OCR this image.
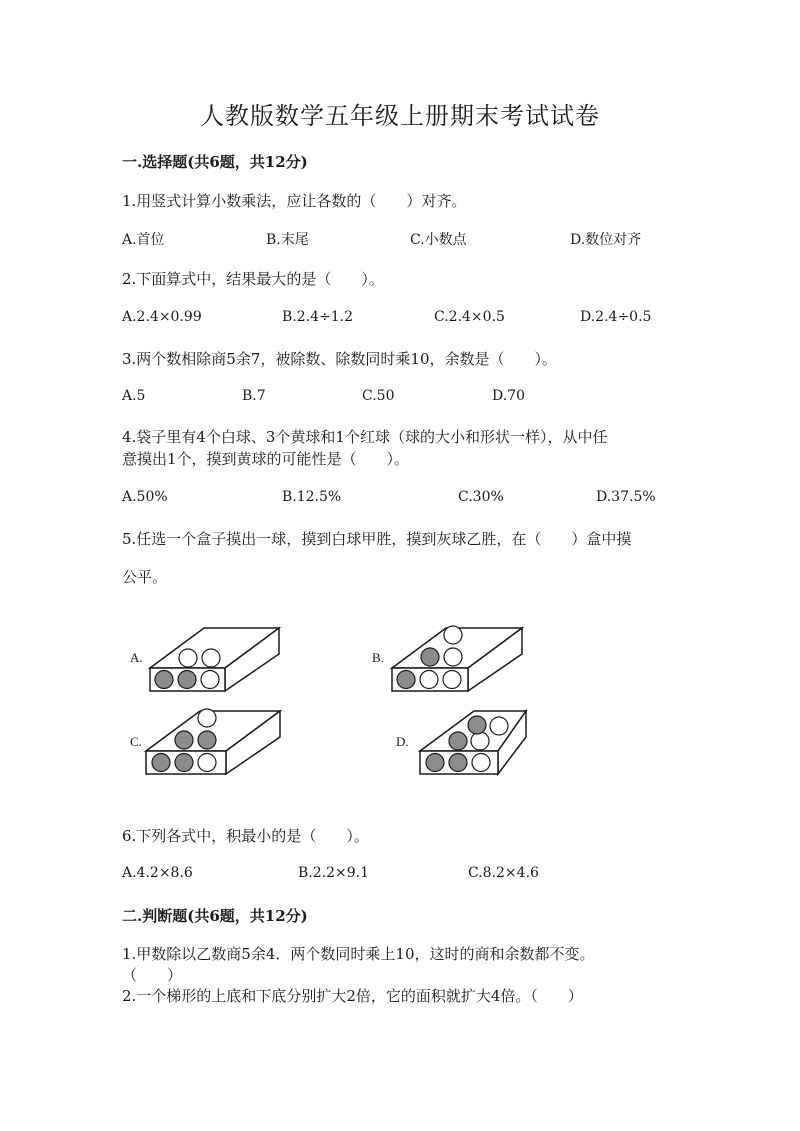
人教版数学五年级上册期末考试试卷
一.选择题(共6题，共12分)
1.用竖式计算小数乘法，应让各数的（　　）对齐。
A.首位	B.末尾	C.小数点	D.数位对齐
2.下面算式中，结果最大的是（　　）。
A.2.4×0.99	B.2.4÷1.2	C.2.4×0.5	D.2.4÷0.5
3.两个数相除商5余7，被除数、除数同时乘10，余数是（　　）。
A.5	B.7	C.50	D.70
4.袋子里有4个白球、3个黄球和1个红球（球的大小和形状一样），从中任
意摸出1个，摸到黄球的可能性是（　　）。
A.50%	B.12.5%	C.30%	D.37.5%
5.任选一个盒子摸出一球，摸到白球甲胜，摸到灰球乙胜，在（　　）盒中摸
公平。
A.	B.
C.	D.
6.下列各式中，积最小的是（　　）。
A.4.2×8.6	B.2.2×9.1	C.8.2×4.6
二.判断题(共6题，共12分)
1.甲数除以乙数商5余4．两个数同时乘上10，这时的商和余数都不变。
（　　）
2.一个梯形的上底和下底分别扩大2倍，它的面积就扩大4倍。（　　）
